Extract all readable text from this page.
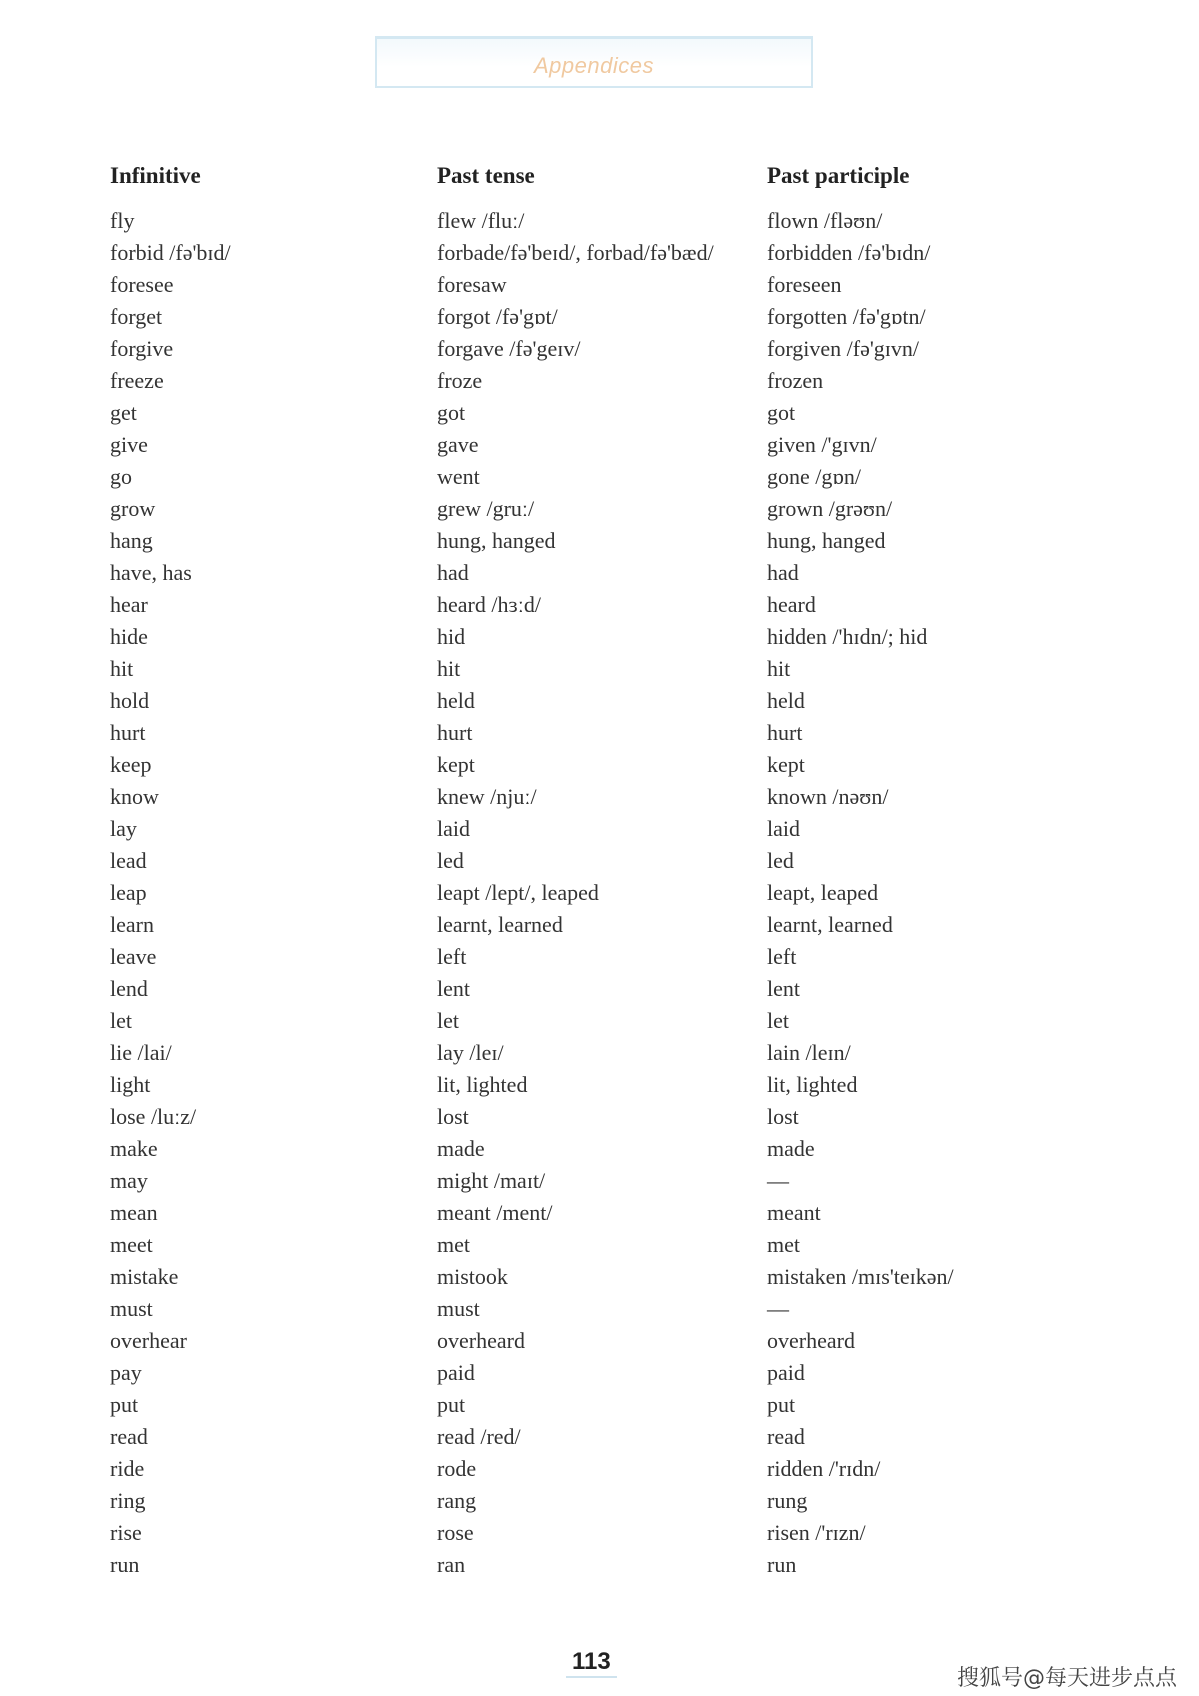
Appendices
Infinitive
fly
forbid /fə'bɪd/
foresee
forget
forgive
freeze
get
give
go
grow
hang
have, has
hear
hide
hit
hold
hurt
keep
know
lay
lead
leap
learn
leave
lend
let
lie /lai/
light
lose /luːz/
make
may
mean
meet
mistake
must
overhear
pay
put
read
ride
ring
rise
run
Past tense
flew /fluː/
forbade/fə'beɪd/, forbad/fə'bæd/
foresaw
forgot /fə'gɒt/
forgave /fə'geɪv/
froze
got
gave
went
grew /gruː/
hung, hanged
had
heard /hɜːd/
hid
hit
held
hurt
kept
knew /njuː/
laid
led
leapt /lept/, leaped
learnt, learned
left
lent
let
lay /leɪ/
lit, lighted
lost
made
might /maɪt/
meant /ment/
met
mistook
must
overheard
paid
put
read /red/
rode
rang
rose
ran
Past participle
flown /fləʊn/
forbidden /fə'bɪdn/
foreseen
forgotten /fə'gɒtn/
forgiven /fə'gɪvn/
frozen
got
given /'gɪvn/
gone /gɒn/
grown /grəʊn/
hung, hanged
had
heard
hidden /'hɪdn/; hid
hit
held
hurt
kept
known /nəʊn/
laid
led
leapt, leaped
learnt, learned
left
lent
let
lain /leɪn/
lit, lighted
lost
made
—
meant
met
mistaken /mɪs'teɪkən/
—
overheard
paid
put
read
ridden /'rɪdn/
rung
risen /'rɪzn/
run
113
搜狐号@每天进步点点
